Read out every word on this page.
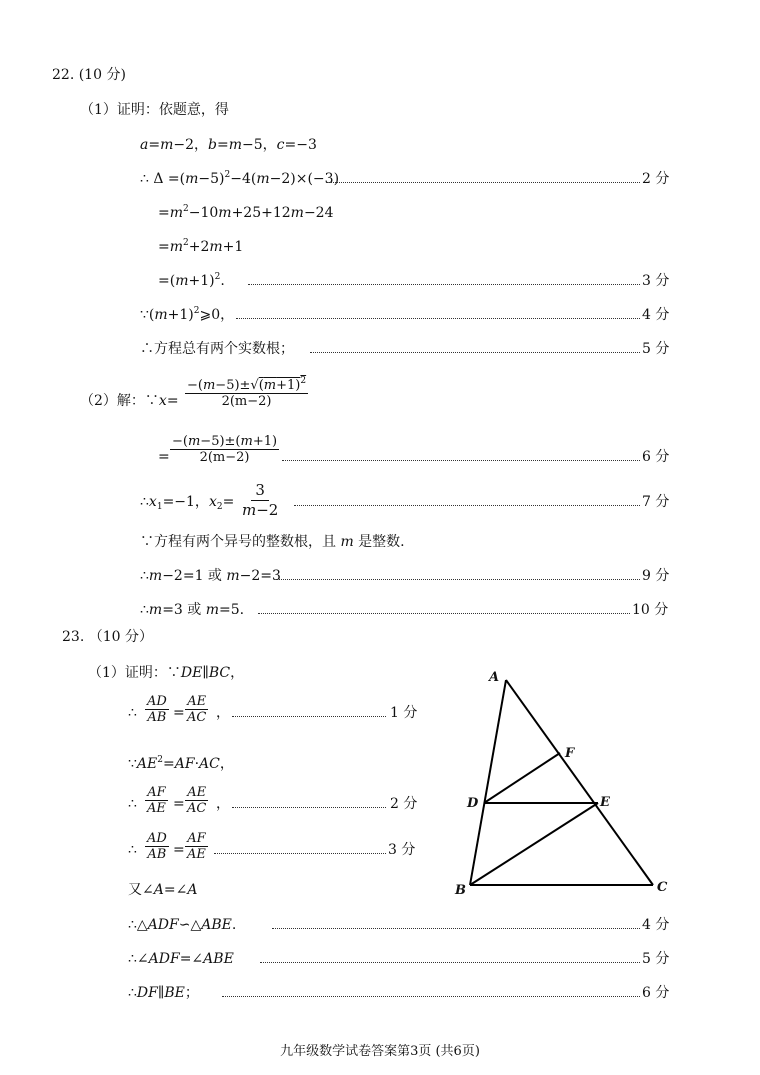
22. (10 分)
（1）证明：依题意，得
a=m−2，b=m−5，c=−3
∴ $\Delta =(m-5)^2-4(m-2)\times(-3)$	2 分
$=m^2-10m+25+12m-24$
$=m^2+2m+1$
$=(m+1)^2$.	3 分
$\because(m+1)^2⩾0$，	4 分
∴方程总有两个实数根；	5 分
（2）解：∵x= $\frac{-(m-5)\pm√(m+1)^2}{2(m-2)}$
= $\frac{-(m-5)\pm(m+1)}{2(m-2)}$	6 分
$\therefore x_1=-1$，$x_2= \frac{3}{m-2}$	7 分
∵方程有两个异号的整数根，且 m 是整数.
∴m−2=1 或 m−2=3	9 分
∴m=3 或 m=5.	10 分
23. （10 分）
（1）证明：∵DE∥BC，
∴ $\frac{AD}{AB} = \frac{AE}{AC}$ ，	1 分
$\because AE^2=AF\cdot AC$，
∴ $\frac{AF}{AE} = \frac{AE}{AC}$ ，	2 分
∴ $\frac{AD}{AB} = \frac{AF}{AE}$	3 分
又∠A=∠A
∴△ADF∽△ABE.	4 分
∴∠ADF=∠ABE	5 分
∴DF∥BE；	6 分
A
B	C
D	E
F
九年级数学试卷答案第3页 (共6页)
